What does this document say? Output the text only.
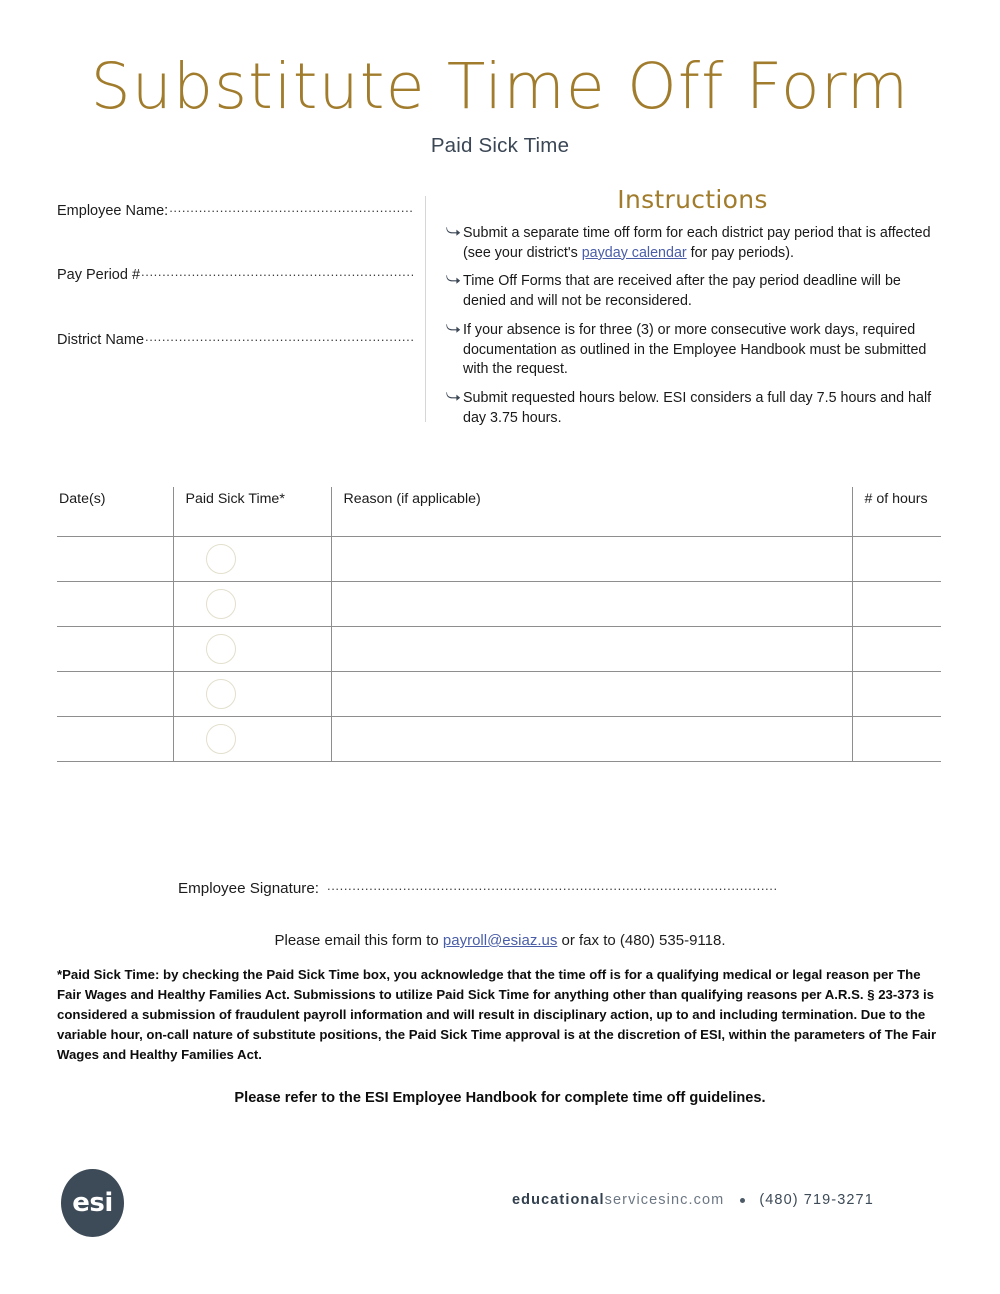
Substitute Time Off Form
Paid Sick Time
Employee Name:
.....
Pay Period #
.....
District Name
.....
Instructions
Submit a separate time off form for each district pay period that is affected (see your district's payday calendar for pay periods).
Time Off Forms that are received after the pay period deadline will be denied and will not be reconsidered.
If your absence is for three (3) or more consecutive work days, required documentation as outlined in the Employee Handbook must be submitted with the request.
Submit requested hours below. ESI considers a full day 7.5 hours and half day 3.75 hours.
Date(s)	Paid Sick Time*	Reason (if applicable)	# of hours

Employee Signature:
.....
Please email this form to payroll@esiaz.us or fax to (480) 535-9118.
*Paid Sick Time: by checking the Paid Sick Time box, you acknowledge that the time off is for a qualifying medical or legal reason per The Fair Wages and Healthy Families Act. Submissions to utilize Paid Sick Time for anything other than qualifying reasons per A.R.S. § 23-373 is considered a submission of fraudulent payroll information and will result in disciplinary action, up to and including termination. Due to the variable hour, on-call nature of substitute positions, the Paid Sick Time approval is at the discretion of ESI, within the parameters of The Fair Wages and Healthy Families Act.
Please refer to the ESI Employee Handbook for complete time off guidelines.
esi	educational servicesinc.com (480) 719-3271
